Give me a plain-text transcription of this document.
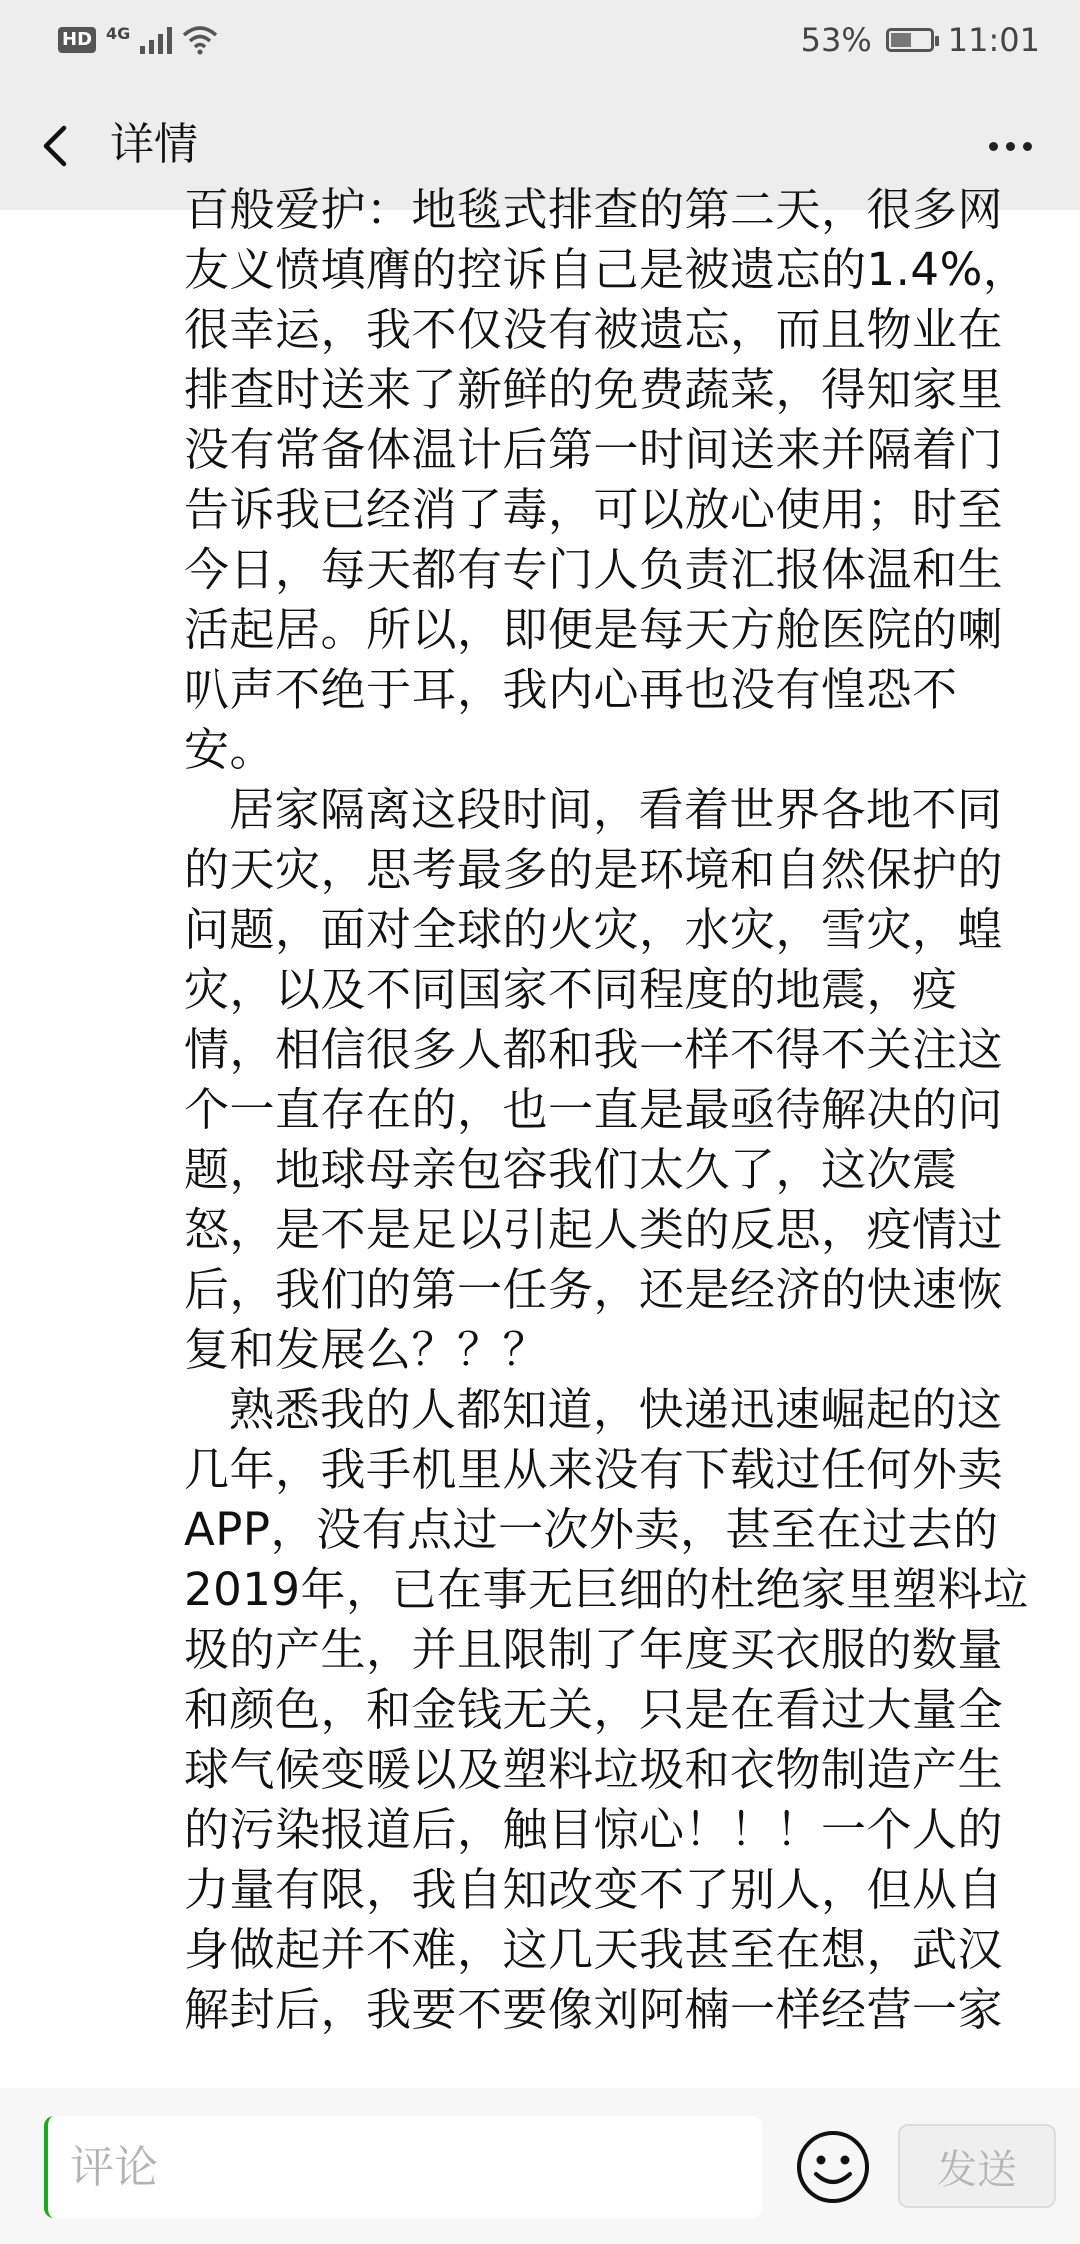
HD 4G	53% 11:01
详情

百般爱护：地毯式排查的第二天，很多网友义愤填膺的控诉自己是被遗忘的1.4%，很幸运，我不仅没有被遗忘，而且物业在排查时送来了新鲜的免费蔬菜，得知家里没有常备体温计后第一时间送来并隔着门告诉我已经消了毒，可以放心使用；时至今日，每天都有专门人负责汇报体温和生活起居。所以，即便是每天方舱医院的喇叭声不绝于耳，我内心再也没有惶恐不安。

居家隔离这段时间，看着世界各地不同的天灾，思考最多的是环境和自然保护的问题，面对全球的火灾，水灾，雪灾，蝗灾，以及不同国家不同程度的地震，疫情，相信很多人都和我一样不得不关注这个一直存在的，也一直是最亟待解决的问题，地球母亲包容我们太久了，这次震怒，是不是足以引起人类的反思，疫情过后，我们的第一任务，还是经济的快速恢复和发展么？？？

熟悉我的人都知道，快递迅速崛起的这几年，我手机里从来没有下载过任何外卖APP，没有点过一次外卖，甚至在过去的2019年，已在事无巨细的杜绝家里塑料垃圾的产生，并且限制了年度买衣服的数量和颜色，和金钱无关，只是在看过大量全球气候变暖以及塑料垃圾和衣物制造产生的污染报道后，触目惊心！！！一个人的力量有限，我自知改变不了别人，但从自身做起并不难，这几天我甚至在想，武汉解封后，我要不要像刘阿楠一样经营一家

评论
发送
